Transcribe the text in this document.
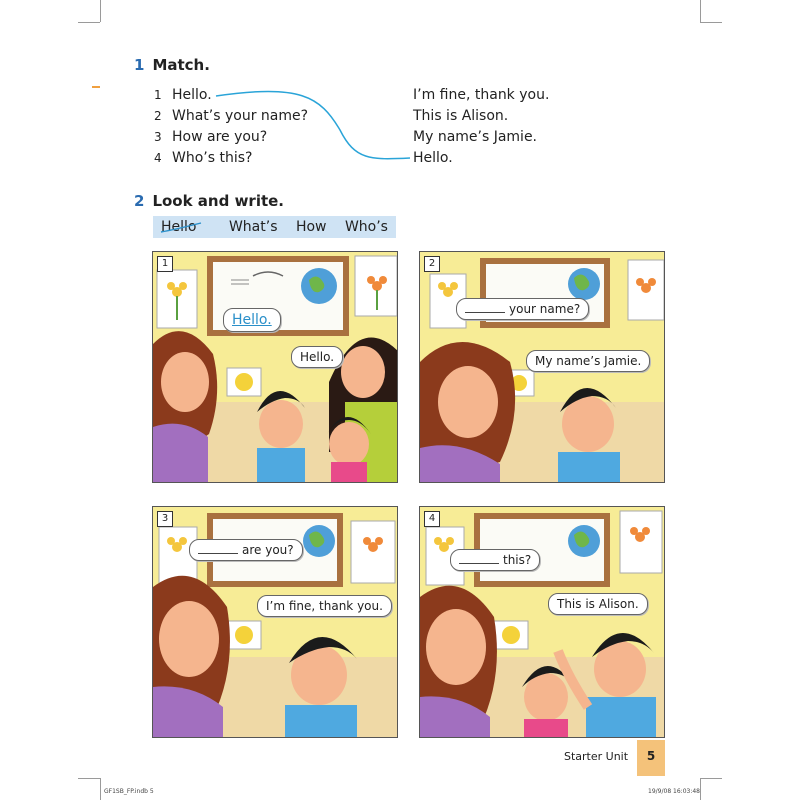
1 Match.
1 Hello.
2 What’s your name?
3 How are you?
4 Who’s this?
I’m fine, thank you.
This is Alison.
My name’s Jamie.
Hello.
2 Look and write.
Hello What’s How Who’s
1
Hello.
Hello.
2
your name?
My name’s Jamie.
3
are you?
I’m fine, thank you.
4
this?
This is Alison.
Starter Unit	5
GF1SB_FP.indb 5	19/9/08 16:03:48
